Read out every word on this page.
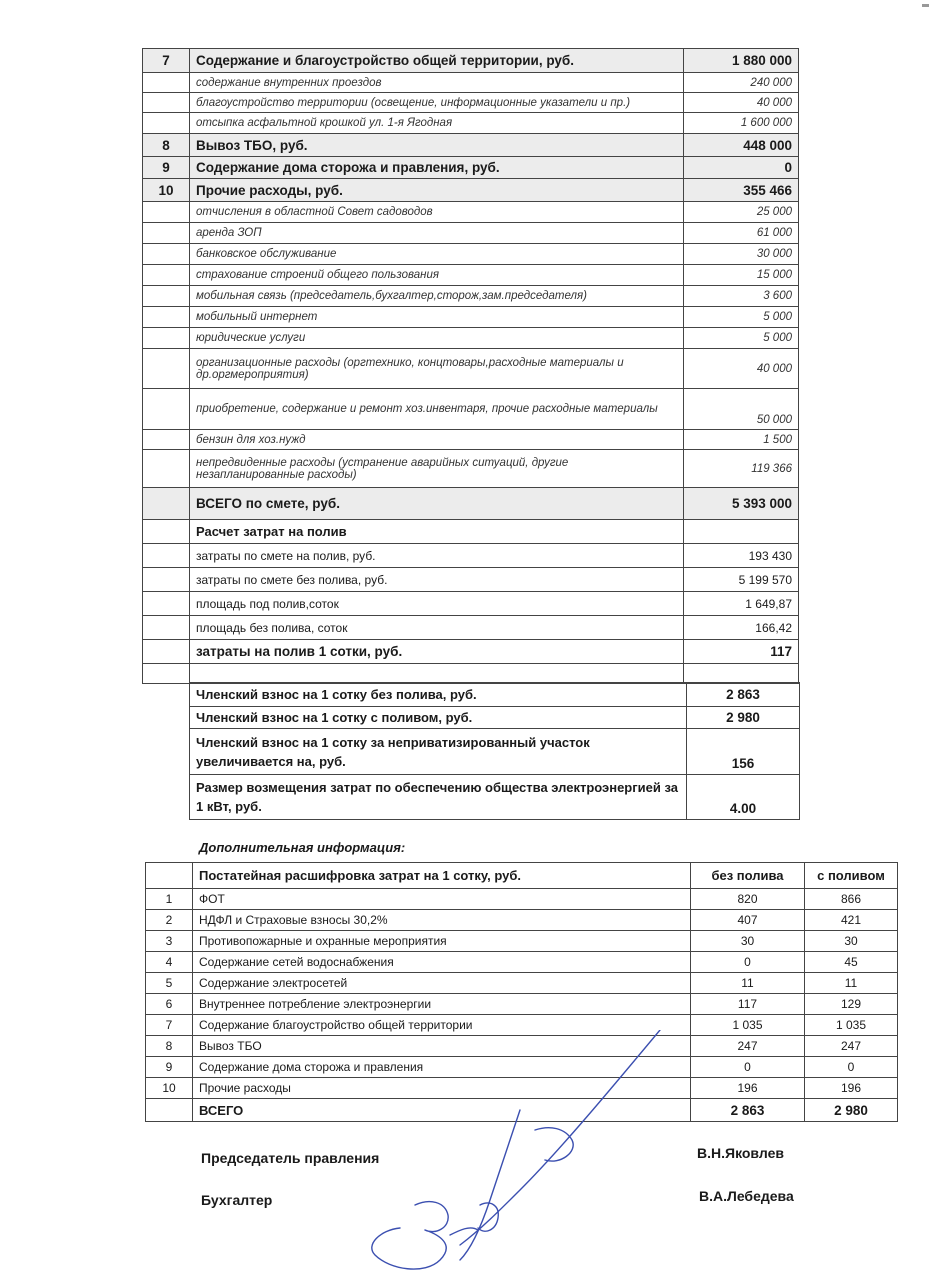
7	Содержание и благоустройство общей территории, руб.	1 880 000
	содержание внутренних проездов	240 000
	благоустройство территории (освещение, информационные указатели и пр.)	40 000
	отсыпка асфальтной крошкой ул. 1-я Ягодная	1 600 000
8	Вывоз ТБО, руб.	448 000
9	Содержание дома сторожа и правления, руб.	0
10	Прочие расходы, руб.	355 466
	отчисления в областной Совет садоводов	25 000
	аренда ЗОП	61 000
	банковское обслуживание	30 000
	страхование строений общего пользования	15 000
	мобильная связь (председатель,бухгалтер,сторож,зам.председателя)	3 600
	мобильный интернет	5 000
	юридические услуги	5 000
	организационные расходы (оргтехнико, концтовары,расходные материалы и др.оргмероприятия)	40 000
	приобретение, содержание и ремонт хоз.инвентаря, прочие расходные материалы	50 000
	бензин для хоз.нужд	1 500
	непредвиденные расходы (устранение аварийных ситуаций, другие незапланированные расходы)	119 366
	ВСЕГО по смете, руб.	5 393 000
	Расчет затрат на полив	
	затраты по смете на полив, руб.	193 430
	затраты по смете без полива, руб.	5 199 570
	площадь под полив,соток	1 649,87
	площадь без полива, соток	166,42
	затраты на полив 1 сотки, руб.	117

Членский взнос на 1 сотку без полива, руб.	2 863
Членский взнос на 1 сотку с поливом, руб.	2 980
Членский взнос на 1 сотку за неприватизированный участок увеличивается на, руб.	156
Размер возмещения затрат по обеспечению общества электроэнергией за 1 кВт, руб.	4.00
Дополнительная информация:
	Постатейная расшифровка затрат на 1 сотку, руб.	без полива	с поливом
1	ФОТ	820	866
2	НДФЛ и Страховые взносы 30,2%	407	421
3	Противопожарные и охранные мероприятия	30	30
4	Содержание сетей водоснабжения	0	45
5	Содержание электросетей	11	11
6	Внутреннее потребление электроэнергии	117	129
7	Содержание благоустройство общей территории	1 035	1 035
8	Вывоз ТБО	247	247
9	Содержание дома сторожа и правления	0	0
10	Прочие расходы	196	196
	ВСЕГО	2 863	2 980
Председатель правления	В.Н.Яковлев
Бухгалтер	В.А.Лебедева
